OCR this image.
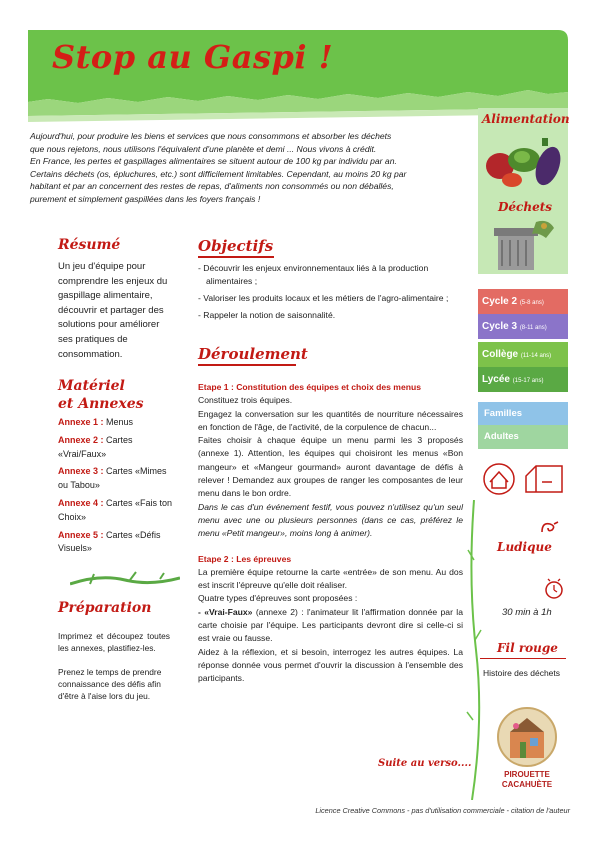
Stop au Gaspi !

Aujourd'hui, pour produire les biens et services que nous consommons et absorber les déchets

que nous rejetons, nous utilisons l'équivalent d'une planète et demi ... Nous vivons à crédit.

En France, les pertes et gaspillages alimentaires se situent autour de 100 kg par individu par an.

Certains déchets (os, épluchures, etc.) sont difficilement limitables. Cependant, au moins 20 kg par

habitant et par an concernent des restes de repas, d'aliments non consommés ou non déballés,

purement et simplement gaspillées dans les foyers français !

Résumé
Un jeu d'équipe pour comprendre les enjeux du gaspillage alimentaire, découvrir et partager des solutions pour améliorer ses pratiques de consommation.
Matériel
et Annexes
Annexe 1 : Menus
Annexe 2 : Cartes «Vrai/Faux»
Annexe 3 : Cartes «Mimes ou Tabou»
Annexe 4 : Cartes «Fais ton Choix»
Annexe 5 : Cartes «Défis Visuels»
Préparation

Imprimez et découpez toutes les annexes, plastifiez-les.

Prenez le temps de prendre connaissance des défis afin d'être à l'aise lors du jeu.

Objectifs
- Découvrir les enjeux environnementaux liés à la production
alimentaires ;
- Valoriser les produits locaux et les métiers de l'agro-alimentaire ;
- Rappeler la notion de saisonnalité.
Déroulement

Etape 1 : Constitution des équipes et choix des menus

Constituez trois équipes.

Engagez la conversation sur les quantités de nourriture nécessaires en fonction de l'âge, de l'activité, de la corpulence de chacun...

Faites choisir à chaque équipe un menu parmi les 3 proposés (annexe 1). Attention, les équipes qui choisiront les menus «Bon mangeur» et «Mangeur gourmand» auront davantage de défis à relever ! Demandez aux groupes de ranger les composantes de leur menu dans le bon ordre.

Dans le cas d'un événement festif, vous pouvez n'utilisez qu'un seul menu avec une ou plusieurs personnes (dans ce cas, préférez le menu «Petit mangeur», moins long à animer).

Etape 2 : Les épreuves

La première équipe retourne la carte «entrée» de son menu. Au dos est inscrit l'épreuve qu'elle doit réaliser.

Quatre types d'épreuves sont proposées :

- «Vrai-Faux» (annexe 2) : l'animateur lit l'affirmation donnée par la carte choisie par l'équipe. Les participants devront dire si celle-ci si est vraie ou fausse.

Aidez à la réflexion, et si besoin, interrogez les autres équipes. La réponse donnée vous permet d'ouvrir la discussion à l'ensemble des participants.

Suite au verso....
Licence Creative Commons - pas d'utilisation commerciale - citation de l'auteur
Alimentation
Déchets
Cycle 2 (5-8 ans)
Cycle 3 (8-11 ans)
Collège (11-14 ans)
Lycée (15-17 ans)
Familles
Adultes
Ludique
30 min à 1h
Fil rouge
Histoire des déchets
PIROUETTE
CACAHUÈTE
